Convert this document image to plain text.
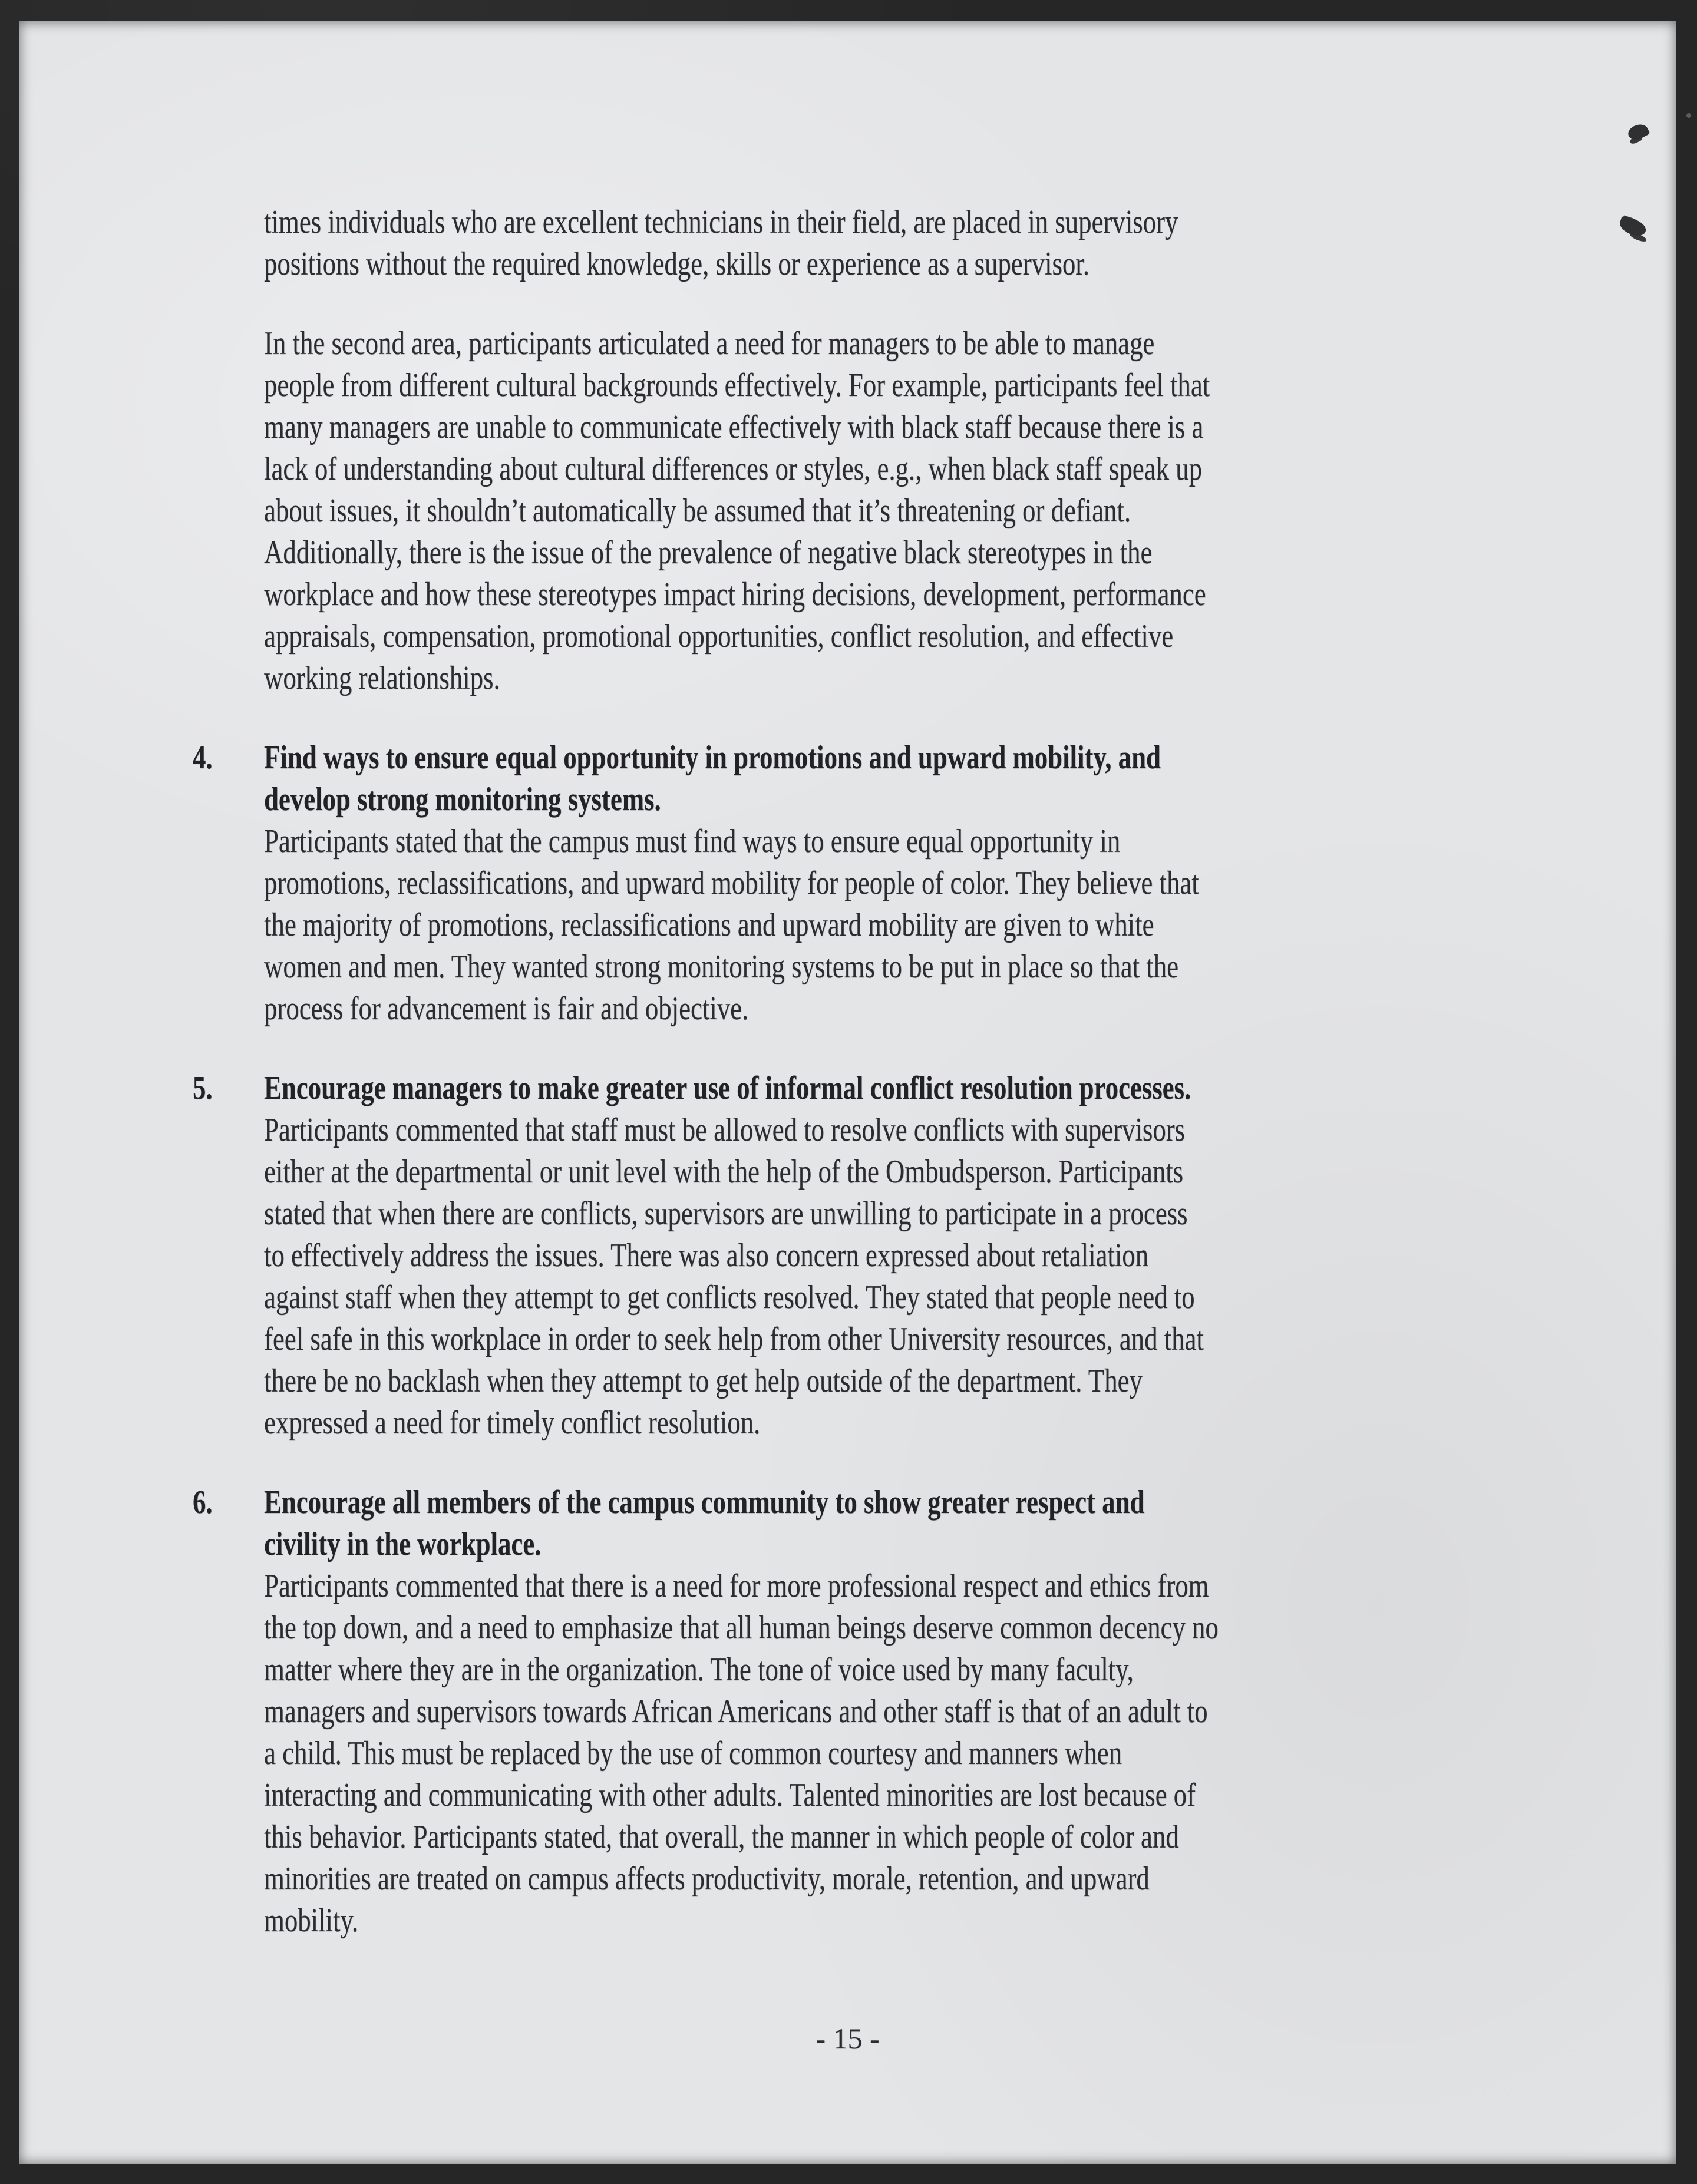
times individuals who are excellent technicians in their field, are placed in supervisory
positions without the required knowledge, skills or experience as a supervisor.

In the second area, participants articulated a need for managers to be able to manage
people from different cultural backgrounds effectively. For example, participants feel that
many managers are unable to communicate effectively with black staff because there is a
lack of understanding about cultural differences or styles, e.g., when black staff speak up
about issues, it shouldn’t automatically be assumed that it’s threatening or defiant.
Additionally, there is the issue of the prevalence of negative black stereotypes in the
workplace and how these stereotypes impact hiring decisions, development, performance
appraisals, compensation, promotional opportunities, conflict resolution, and effective
working relationships.

4. Find ways to ensure equal opportunity in promotions and upward mobility, and
develop strong monitoring systems.

Participants stated that the campus must find ways to ensure equal opportunity in
promotions, reclassifications, and upward mobility for people of color. They believe that
the majority of promotions, reclassifications and upward mobility are given to white
women and men. They wanted strong monitoring systems to be put in place so that the
process for advancement is fair and objective.

5. Encourage managers to make greater use of informal conflict resolution processes.

Participants commented that staff must be allowed to resolve conflicts with supervisors
either at the departmental or unit level with the help of the Ombudsperson. Participants
stated that when there are conflicts, supervisors are unwilling to participate in a process
to effectively address the issues. There was also concern expressed about retaliation
against staff when they attempt to get conflicts resolved. They stated that people need to
feel safe in this workplace in order to seek help from other University resources, and that
there be no backlash when they attempt to get help outside of the department. They
expressed a need for timely conflict resolution.

6. Encourage all members of the campus community to show greater respect and
civility in the workplace.

Participants commented that there is a need for more professional respect and ethics from
the top down, and a need to emphasize that all human beings deserve common decency no
matter where they are in the organization. The tone of voice used by many faculty,
managers and supervisors towards African Americans and other staff is that of an adult to
a child. This must be replaced by the use of common courtesy and manners when
interacting and communicating with other adults. Talented minorities are lost because of
this behavior. Participants stated, that overall, the manner in which people of color and
minorities are treated on campus affects productivity, morale, retention, and upward
mobility.

- 15 -
